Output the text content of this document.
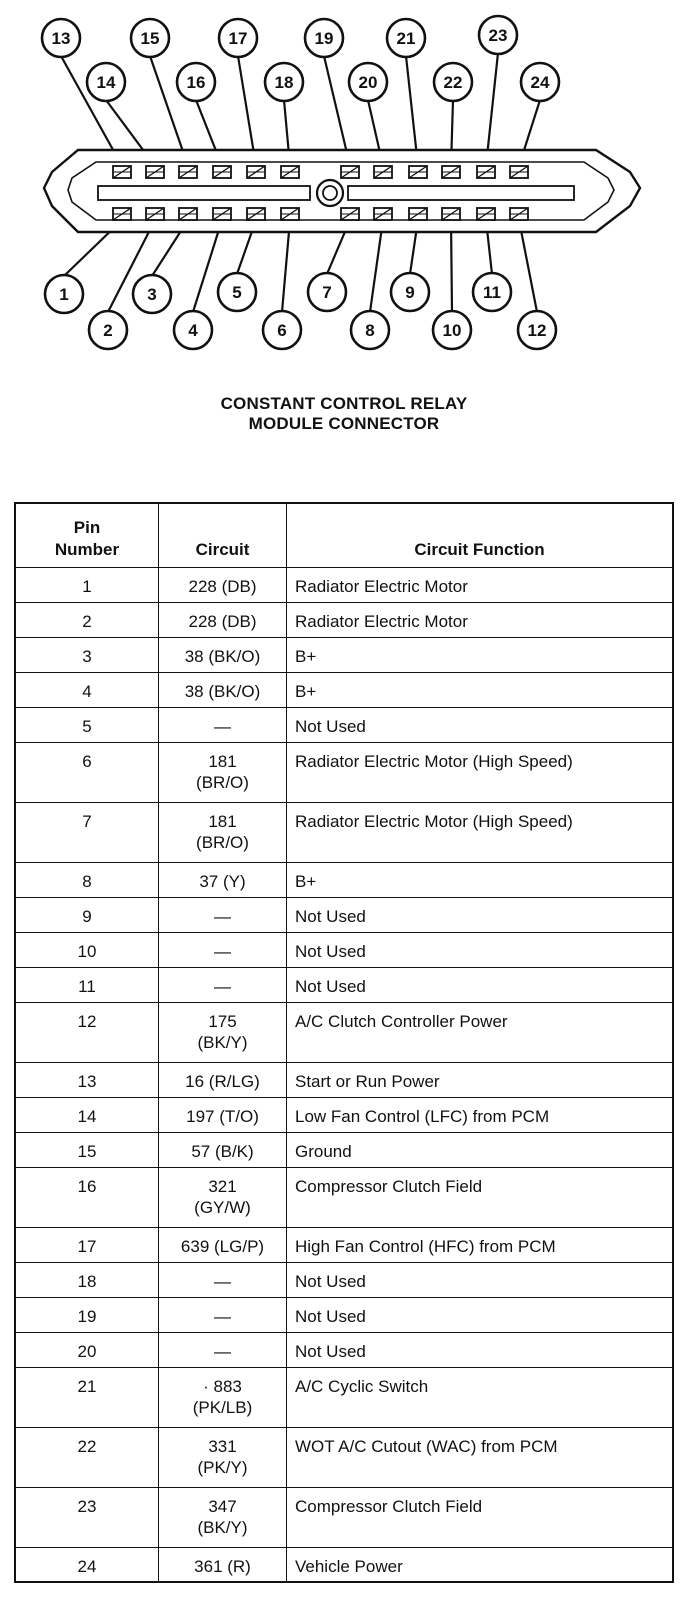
13
14
15
16
17
18
19
20
21
22
23
24
1
2
3
4
5
6
7
8
9
10
11
12
CONSTANT CONTROL RELAY
MODULE CONNECTOR
Pin
Number	Circuit	Circuit Function
1	228 (DB)	Radiator Electric Motor
2	228 (DB)	Radiator Electric Motor
3	38 (BK/O)	B+
4	38 (BK/O)	B+
5	—	Not Used
6	181
(BR/O)	Radiator Electric Motor (High Speed)
7	181
(BR/O)	Radiator Electric Motor (High Speed)
8	37 (Y)	B+
9	—	Not Used
10	—	Not Used
11	—	Not Used
12	175
(BK/Y)	A/C Clutch Controller Power
13	16 (R/LG)	Start or Run Power
14	197 (T/O)	Low Fan Control (LFC) from PCM
15	57 (B/K)	Ground
16	321
(GY/W)	Compressor Clutch Field
17	639 (LG/P)	High Fan Control (HFC) from PCM
18	—	Not Used
19	—	Not Used
20	—	Not Used
21	· 883
(PK/LB)	A/C Cyclic Switch
22	331
(PK/Y)	WOT A/C Cutout (WAC) from PCM
23	347
(BK/Y)	Compressor Clutch Field
24	361 (R)	Vehicle Power
